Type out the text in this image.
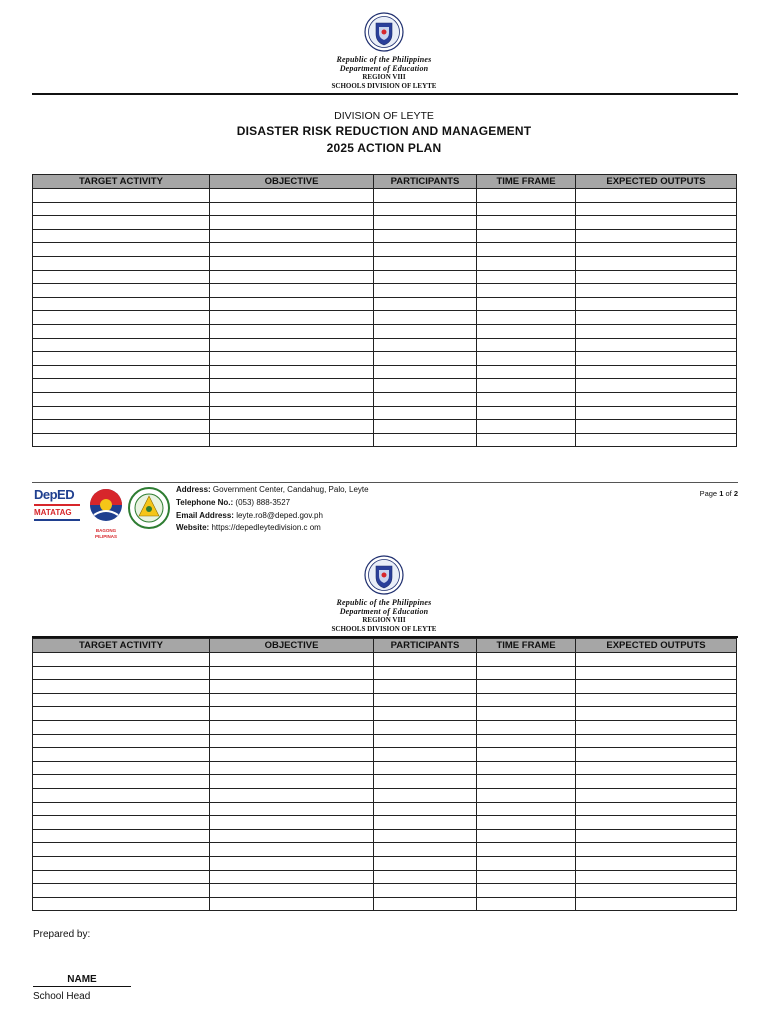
Republic of the Philippines
Department of Education
REGION VIII
SCHOOLS DIVISION OF LEYTE
DIVISION OF LEYTE
DISASTER RISK REDUCTION AND MANAGEMENT
2025 ACTION PLAN
TARGET ACTIVITY	OBJECTIVE	PARTICIPANTS	TIME FRAME	EXPECTED OUTPUTS

DepED
MATATAG
BAGONG PILIPINAS
Address: Government Center, Candahug, Palo, Leyte
Telephone No.: (053) 888-3527
Email Address: leyte.ro8@deped.gov.ph
Website: https://depedleytedivision.c om
Page 1 of 2
Republic of the Philippines
Department of Education
REGION VIII
SCHOOLS DIVISION OF LEYTE
TARGET ACTIVITY	OBJECTIVE	PARTICIPANTS	TIME FRAME	EXPECTED OUTPUTS

Prepared by:
NAME
School Head
